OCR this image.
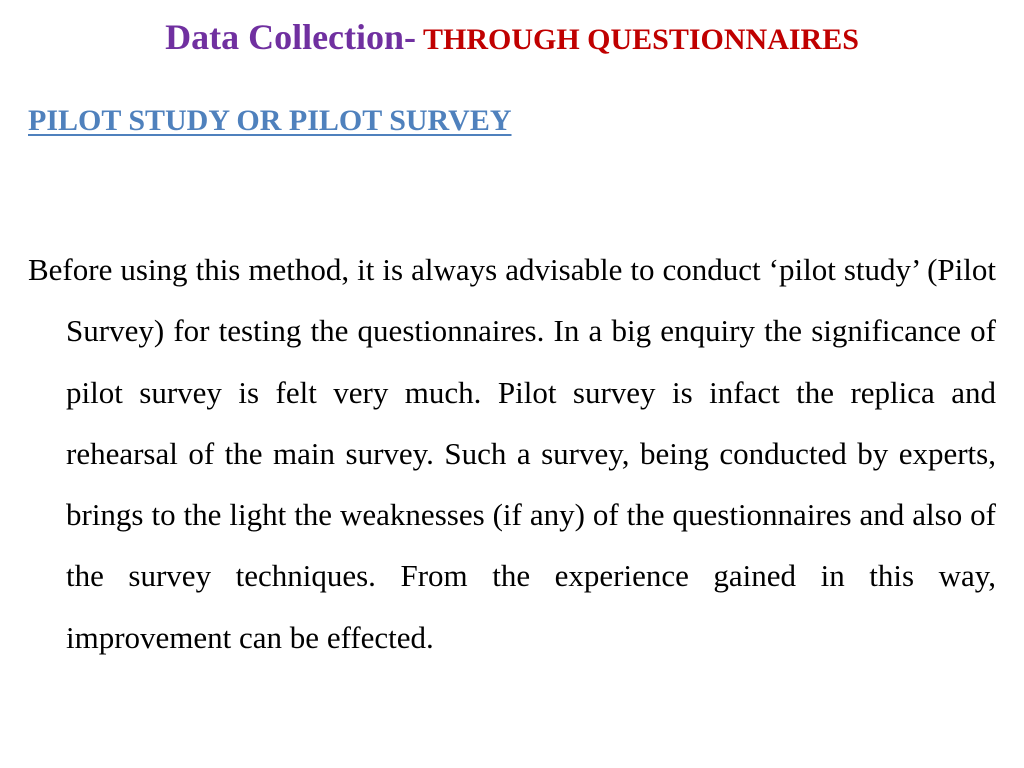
Data Collection- THROUGH QUESTIONNAIRES
PILOT STUDY OR PILOT SURVEY

Before using this method, it is always advisable to conduct ‘pilot study’ (Pilot Survey) for testing the questionnaires. In a big enquiry the significance of pilot survey is felt very much. Pilot survey is infact the replica and rehearsal of the main survey. Such a survey, being conducted by experts, brings to the light the weaknesses (if any) of the questionnaires and also of the survey techniques. From the experience gained in this way, improvement can be effected.
